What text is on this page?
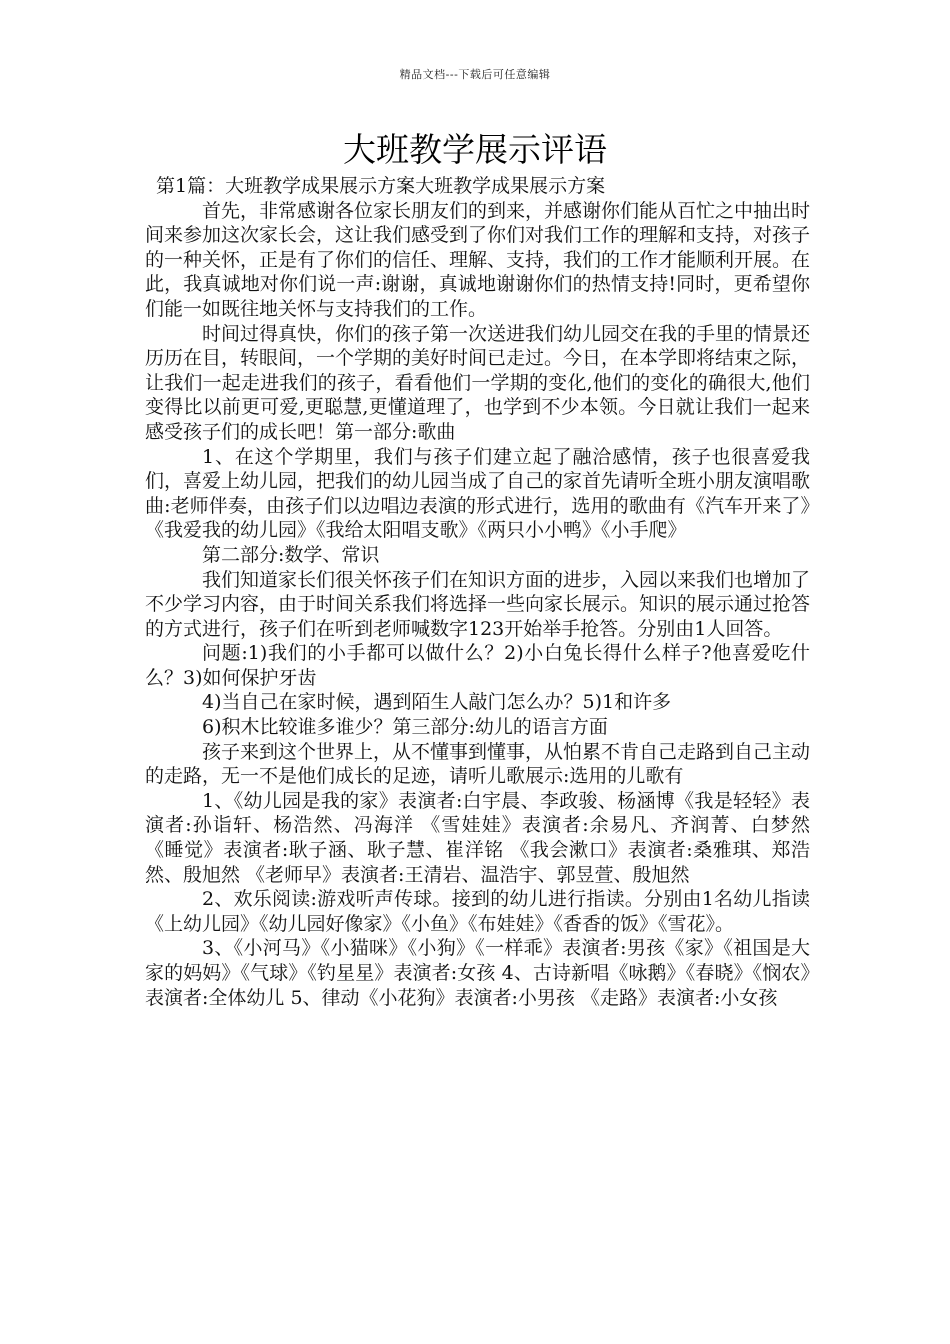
精品文档---下载后可任意编辑
大班教学展示评语

第1篇：大班教学成果展示方案大班教学成果展示方案

首先，非常感谢各位家长朋友们的到来，并感谢你们能从百忙之中抽出时间来参加这次家长会，这让我们感受到了你们对我们工作的理解和支持，对孩子的一种关怀，正是有了你们的信任、理解、支持，我们的工作才能顺利开展。在此，我真诚地对你们说一声:谢谢，真诚地谢谢你们的热情支持!同时，更希望你们能一如既往地关怀与支持我们的工作。

时间过得真快，你们的孩子第一次送进我们幼儿园交在我的手里的情景还历历在目，转眼间，一个学期的美好时间已走过。今日，在本学即将结束之际，让我们一起走进我们的孩子，看看他们一学期的变化,他们的变化的确很大,他们变得比以前更可爱,更聪慧,更懂道理了，也学到不少本领。今日就让我们一起来感受孩子们的成长吧！第一部分:歌曲

1、在这个学期里，我们与孩子们建立起了融洽感情，孩子也很喜爱我们，喜爱上幼儿园，把我们的幼儿园当成了自己的家首先请听全班小朋友演唱歌曲:老师伴奏，由孩子们以边唱边表演的形式进行，选用的歌曲有《汽车开来了》《我爱我的幼儿园》《我给太阳唱支歌》《两只小小鸭》《小手爬》

第二部分:数学、常识

我们知道家长们很关怀孩子们在知识方面的进步，入园以来我们也增加了不少学习内容，由于时间关系我们将选择一些向家长展示。知识的展示通过抢答的方式进行，孩子们在听到老师喊数字123开始举手抢答。分别由1人回答。

问题:1)我们的小手都可以做什么？2)小白兔长得什么样子?他喜爱吃什么？3)如何保护牙齿

4)当自己在家时候，遇到陌生人敲门怎么办？5)1和许多

6)积木比较谁多谁少？第三部分:幼儿的语言方面

孩子来到这个世界上，从不懂事到懂事，从怕累不肯自己走路到自己主动的走路，无一不是他们成长的足迹，请听儿歌展示:选用的儿歌有

1、《幼儿园是我的家》表演者:白宇晨、李政骏、杨涵博《我是轻轻》表演者:孙诣轩、杨浩然、冯海洋 《雪娃娃》表演者:余易凡、齐润菁、白梦然 《睡觉》表演者:耿子涵、耿子慧、崔洋铭 《我会漱口》表演者:桑雅琪、郑浩然、殷旭然 《老师早》表演者:王清岩、温浩宇、郭昱萱、殷旭然

2、欢乐阅读:游戏听声传球。接到的幼儿进行指读。分别由1名幼儿指读《上幼儿园》《幼儿园好像家》《小鱼》《布娃娃》《香香的饭》《雪花》。

3、《小河马》《小猫咪》《小狗》《一样乖》表演者:男孩《家》《祖国是大家的妈妈》《气球》《钓星星》表演者:女孩 4、古诗新唱《咏鹅》《春晓》《悯农》表演者:全体幼儿 5、律动《小花狗》表演者:小男孩 《走路》表演者:小女孩
